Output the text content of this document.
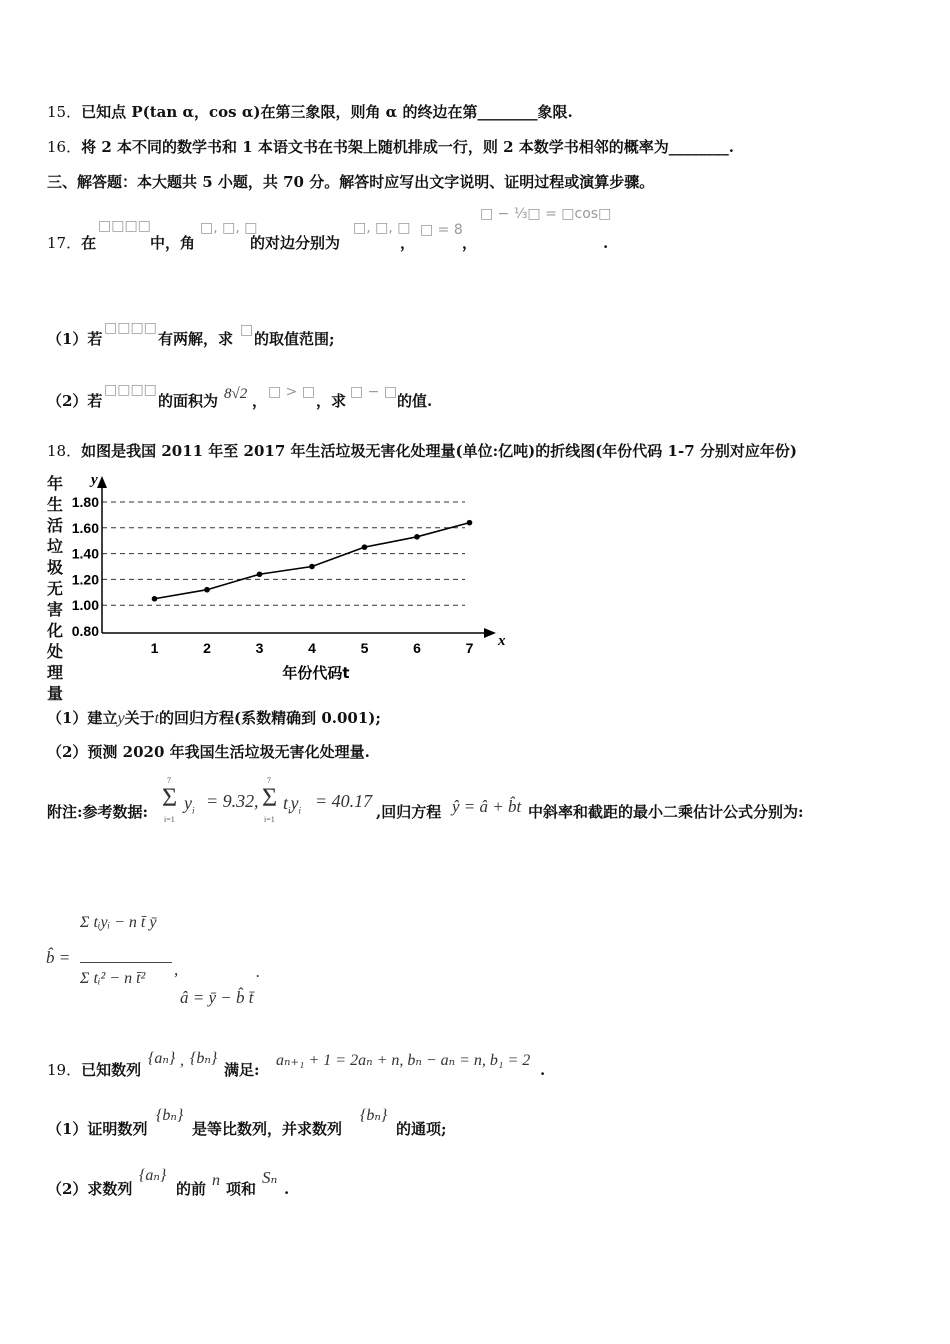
15．已知点 P(tan α，cos α)在第三象限，则角 α 的终边在第________象限.
16．将 2 本不同的数学书和 1 本语文书在书架上随机排成一行，则 2 本数学书相邻的概率为________.
三、解答题：本大题共 5 小题，共 70 分。解答时应写出文字说明、证明过程或演算步骤。
17．在
□□□□
中，角
□, □, □
的对边分别为
□, □, □
，
□ = 8
，
□ − ⅓□ = □cos□
.
（1）若
□□□□
有两解，求 □ 的取值范围;
（2）若
□□□□
的面积为 8√2 ， □ > □ ，求 □ − □ 的值.
18．如图是我国 2011 年至 2017 年生活垃圾无害化处理量(单位:亿吨)的折线图(年份代码 1-7 分别对应年份)
年
生
活
垃
圾
无
害
化
处
理
量
0.80
1.00
1.20
1.40
1.60
1.80
y
x
1	2	3	4	5	6	7
年份代码t
（1）建立y关于t的回归方程(系数精确到 0.001);
（2）预测 2020 年我国生活垃圾无害化处理量.
附注:参考数据:
7
Σ
i=1
$y_i = 9.32$
7
, Σ
i=1
$t_iy_i = 40.17$
,回归方程 ŷ = â + b̂t 中斜率和截距的最小二乘估计公式分别为:
b̂ =
Σ tᵢyᵢ − n t̄ ȳ
Σ tᵢ² − n t̄² ,
â = ȳ − b̂ t̄
.
19．已知数列
{aₙ} , {bₙ}
满足:
aₙ₊₁ + 1 = 2aₙ + n, bₙ − aₙ = n, b₁ = 2
.
（1）证明数列
{bₙ}
是等比数列，并求数列
{bₙ}
的通项;
（2）求数列
{aₙ}
的前 n 项和
Sₙ
.
